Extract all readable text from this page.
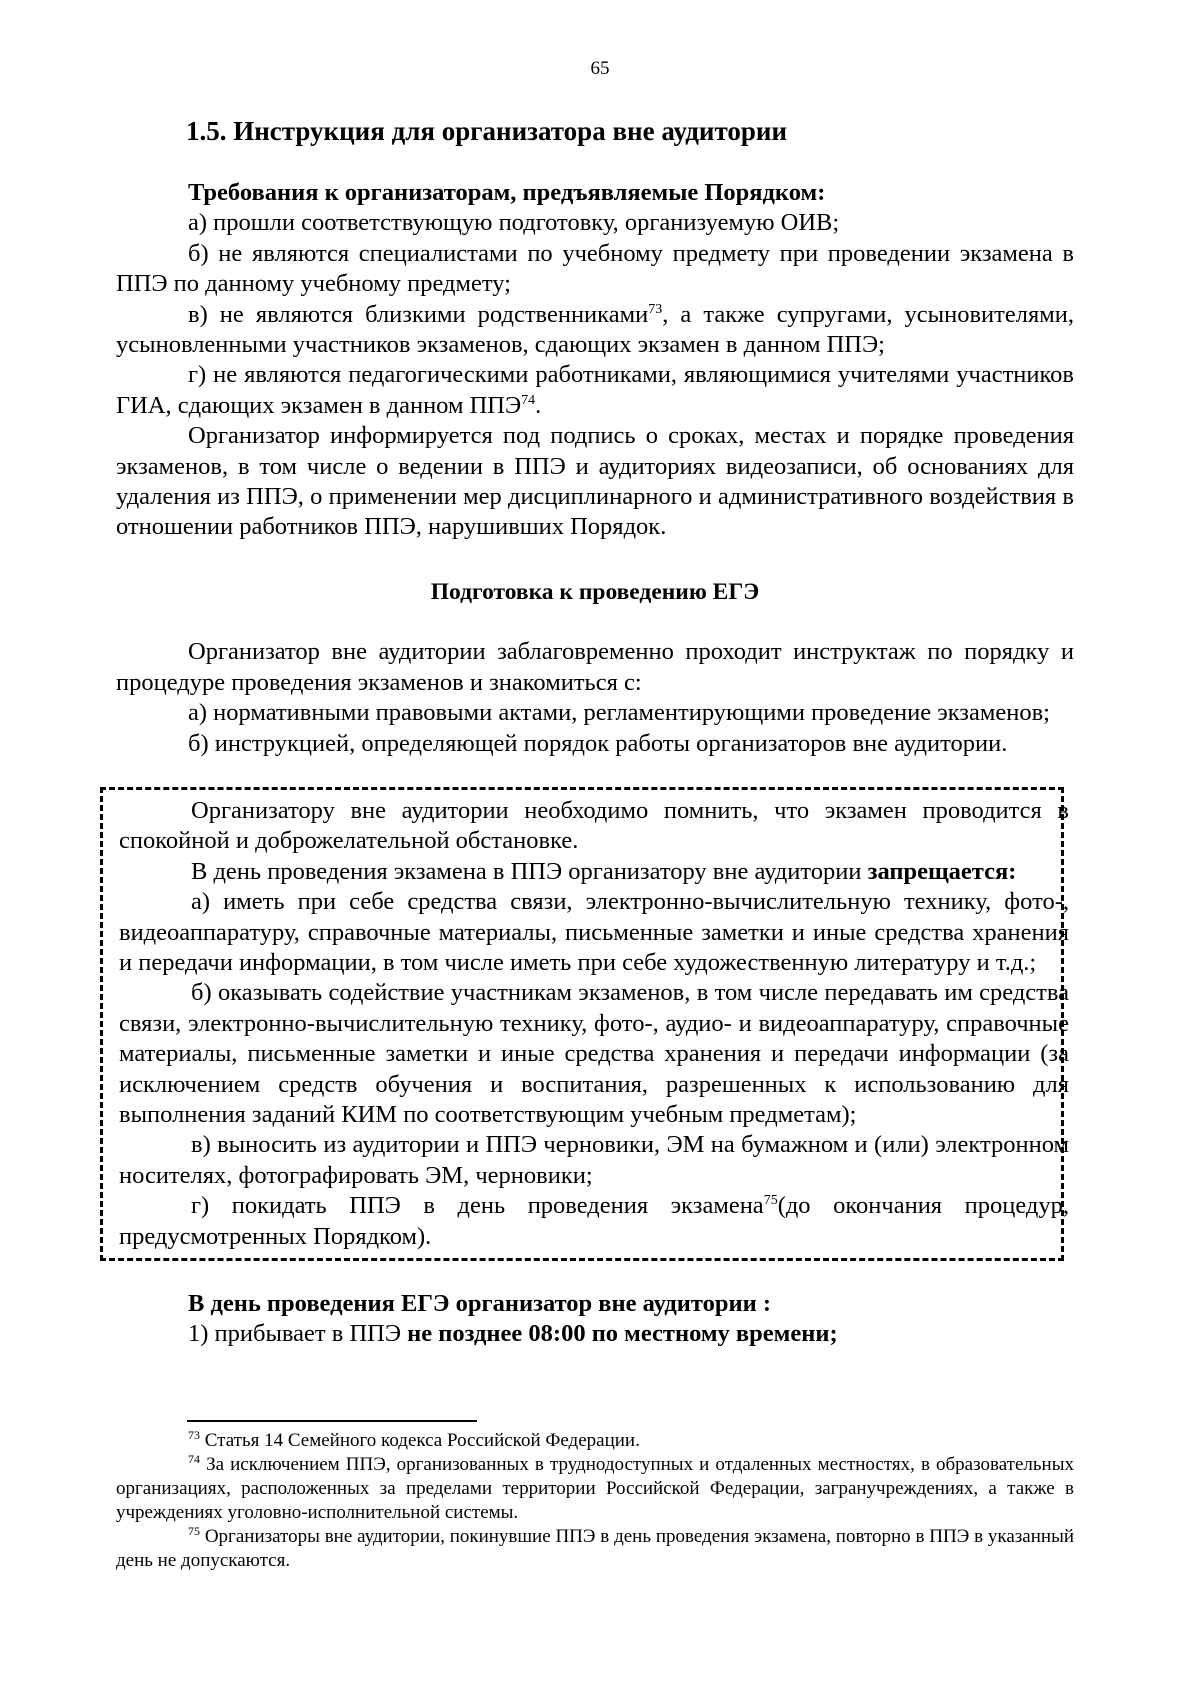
65
1.5. Инструкция для организатора вне аудитории

Требования к организаторам, предъявляемые Порядком:

а) прошли соответствующую подготовку, организуемую ОИВ;

б) не являются специалистами по учебному предмету при проведении экзамена в ППЭ по данному учебному предмету;

в) не являются близкими родственниками$^{73}$, а также супругами, усыновителями, усыновленными участников экзаменов, сдающих экзамен в данном ППЭ;

г) не являются педагогическими работниками, являющимися учителями участников ГИА, сдающих экзамен в данном ППЭ$^{74}$.

Организатор информируется под подпись о сроках, местах и порядке проведения экзаменов, в том числе о ведении в ППЭ и аудиториях видеозаписи, об основаниях для удаления из ППЭ, о применении мер дисциплинарного и административного воздействия в отношении работников ППЭ, нарушивших Порядок.

Подготовка к проведению ЕГЭ

Организатор вне аудитории заблаговременно проходит инструктаж по порядку и процедуре проведения экзаменов и знакомиться с:

а) нормативными правовыми актами, регламентирующими проведение экзаменов;

б) инструкцией, определяющей порядок работы организаторов вне аудитории.

Организатору вне аудитории необходимо помнить, что экзамен проводится в спокойной и доброжелательной обстановке.

В день проведения экзамена в ППЭ организатору вне аудитории запрещается:

а) иметь при себе средства связи, электронно-вычислительную технику, фото-, видеоаппаратуру, справочные материалы, письменные заметки и иные средства хранения и передачи информации, в том числе иметь при себе художественную литературу и т.д.;

б) оказывать содействие участникам экзаменов, в том числе передавать им средства связи, электронно-вычислительную технику, фото-, аудио- и видеоаппаратуру, справочные материалы, письменные заметки и иные средства хранения и передачи информации (за исключением средств обучения и воспитания, разрешенных к использованию для выполнения заданий КИМ по соответствующим учебным предметам);

в) выносить из аудитории и ППЭ черновики, ЭМ на бумажном и (или) электронном носителях, фотографировать ЭМ, черновики;

г) покидать ППЭ в день проведения экзамена$^{75}$(до окончания процедур, предусмотренных Порядком).

В день проведения ЕГЭ организатор вне аудитории :

1) прибывает в ППЭ не позднее 08:00 по местному времени;

$^{73}$ Статья 14 Семейного кодекса Российской Федерации.

$^{74}$ За исключением ППЭ, организованных в труднодоступных и отдаленных местностях, в образовательных организациях, расположенных за пределами территории Российской Федерации, загранучреждениях, а также в учреждениях уголовно-исполнительной системы.

$^{75}$ Организаторы вне аудитории, покинувшие ППЭ в день проведения экзамена, повторно в ППЭ в указанный день не допускаются.
